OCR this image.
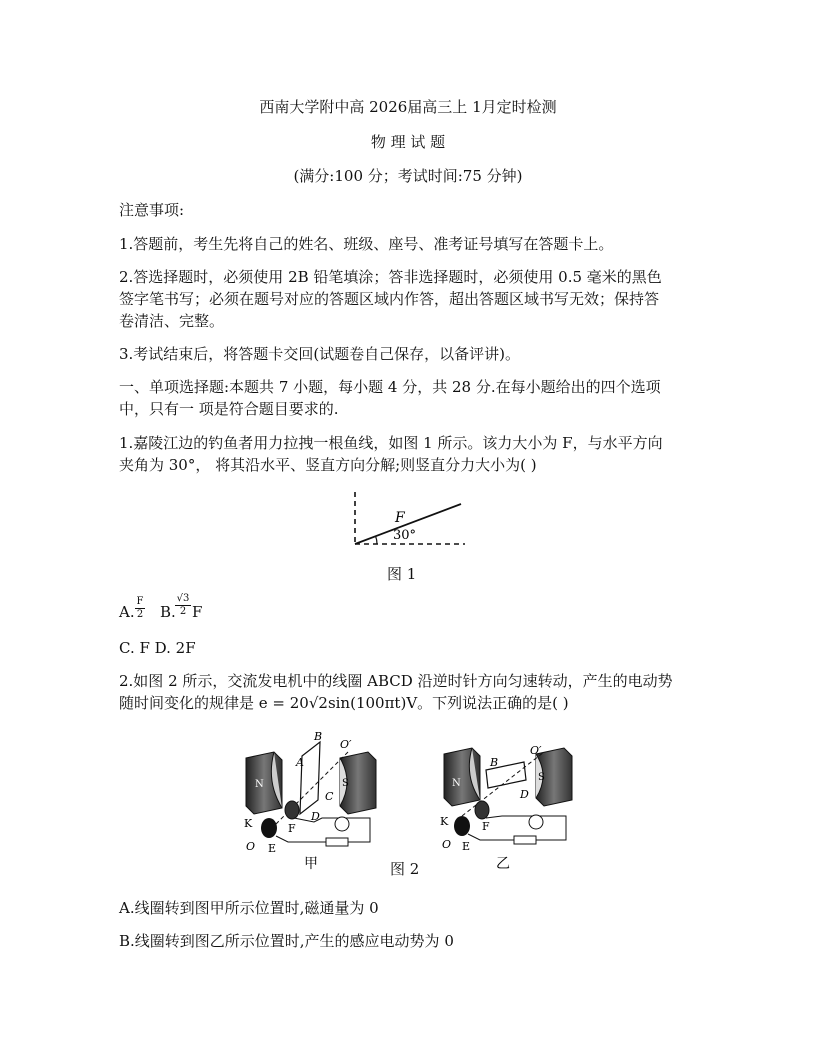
西南大学附中高 2026届高三上 1月定时检测
物 理 试 题
(满分:100 分；考试时间:75 分钟)
注意事项:
1.答题前，考生先将自己的姓名、班级、座号、准考证号填写在答题卡上。
2.答选择题时，必须使用 2B 铅笔填涂；答非选择题时，必须使用 0.5 毫米的黑色
签字笔书写；必须在题号对应的答题区域内作答，超出答题区域书写无效；保持答
卷清洁、完整。
3.考试结束后，将答题卡交回(试题卷自己保存，以备评讲)。
一、单项选择题:本题共 7 小题，每小题 4 分，共 28 分.在每小题给出的四个选项
中，只有一 项是符合题目要求的.
1.嘉陵江边的钓鱼者用力拉拽一根鱼线，如图 1 所示。该力大小为 F，与水平方向
夹角为 30°， 将其沿水平、竖直方向分解;则竖直分力大小为( )
F
30°
图 1
A. $\frac{F}{2} B$. $\frac{√3}{2}$ F
C. F D. 2F
2.如图 2 所示，交流发电机中的线圈 ABCD 沿逆时针方向匀速转动，产生的电动势
随时间变化的规律是 e = 20√2sin(100πt)V。下列说法正确的是( )
N	S
A
B
C
D
O′
K	F
O E
甲	图 2
N
S
B
D
O′
K	F
O E
乙
A.线圈转到图甲所示位置时,磁通量为 0
B.线圈转到图乙所示位置时,产生的感应电动势为 0
